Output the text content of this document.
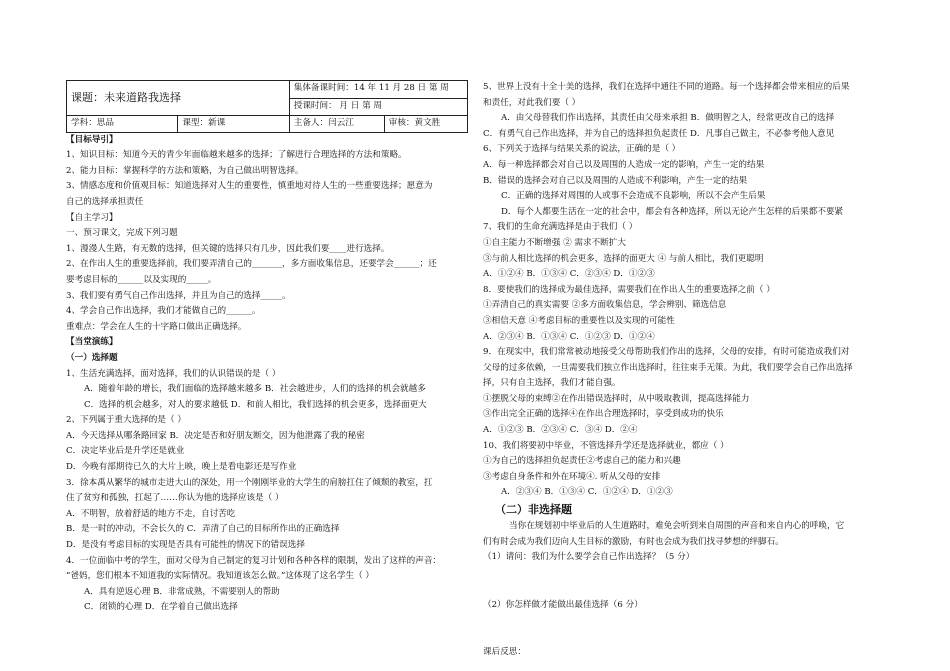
课题：未来道路我选择		集体备课时间：14 年 11 月 28 日 第 周	
		授课时间： 月 日 第 周	
学科：思品	课型：新课	主备人：闫云江	审核：黄文胜
【目标导引】
1、知识目标：知道今天的青少年面临越来越多的选择；了解进行合理选择的方法和策略。
2、能力目标：掌握科学的方法和策略，为自己做出明智选择。
3、情感态度和价值观目标：知道选择对人生的重要性，慎重地对待人生的一些重要选择；愿意为
自己的选择承担责任
【自主学习】
一、预习课文，完成下列习题
1、漫漫人生路，有无数的选择，但关键的选择只有几步，因此我们要____进行选择。
2、在作出人生的重要选择前，我们要弄清自己的_______，多方面收集信息，还要学会______；还
要考虑目标的______以及实现的_____。
3、我们要有勇气自己作出选择，并且为自己的选择_____。
4、学会自己作出选择，我们才能做自己的______。
重难点：学会在人生的十字路口做出正确选择。
【当堂演练】
（一）选择题
1、生活充满选择，面对选择，我们的认识错误的是（ ）
A．随着年龄的增长，我们面临的选择越来越多 B．社会越进步，人们的选择的机会就越多
C．选择的机会越多，对人的要求越低 D．和前人相比，我们选择的机会更多，选择面更大
2、下列属于重大选择的是（ ）
A．今天选择从哪条路回家 B．决定是否和好朋友断交，因为他泄露了我的秘密
C．决定毕业后是升学还是就业
D．今晚有部期待已久的大片上映，晚上是看电影还是写作业
3．徐本禹从繁华的城市走进大山的深处，用一个刚刚毕业的大学生的肩膀扛住了倾颓的教室，扛
住了贫穷和孤独，扛起了……你认为他的选择应该是（ ）
A．不明智，放着舒适的地方不走，自讨苦吃
B．是一时的冲动，不会长久的 C．弄清了自己的目标所作出的正确选择
D．是没有考虑目标的实现是否具有可能性的情况下的错误选择
4．一位面临中考的学生，面对父母为自己制定的复习计划和各种各样的限制，发出了这样的声音：
“爸妈，您们根本不知道我的实际情况。我知道该怎么做。”这体现了这名学生（ ）
A．具有逆返心理 B．非常成熟，不需要别人的帮助
C．闭锁的心理 D．在学着自己做出选择
5、世界上没有十全十美的选择，我们在选择中通往不同的道路。每一个选择都会带来相应的后果
和责任，对此我们要（ ）
A．由父母替我们作出选择，其责任由父母来承担 B．做明智之人，经常更改自己的选择
C．有勇气自己作出选择，并为自己的选择担负起责任 D．凡事自己做主，不必参考他人意见
6、下列关于选择与结果关系的说法，正确的是（ ）
A．每一种选择都会对自己以及周围的人造成一定的影响，产生一定的结果
B．错误的选择会对自己以及周围的人造成不利影响，产生一定的结果
C．正确的选择对周围的人或事不会造成不良影响，所以不会产生后果
D．每个人都要生活在一定的社会中，都会有各种选择，所以无论产生怎样的后果都不要紧
7、我们的生命充满选择是由于我们（ ）
①自主能力不断增强 ② 需求不断扩大
③与前人相比选择的机会更多，选择的面更大 ④ 与前人相比，我们更聪明
A．①②④ B．①③④ C．②③④ D．①②③
8．要使我们的选择成为最佳选择，需要我们在作出人生的重要选择之前（ ）
①弄清自己的真实需要 ②多方面收集信息，学会辨别、筛选信息
③相信天意 ④考虑目标的重要性以及实现的可能性
A．②③④ B．①③④ C．①②③ D．①②④
9．在现实中，我们常常被动地接受父母帮助我们作出的选择，父母的安排，有时可能造成我们对
父母的过多依赖，一旦需要我们独立作出选择时，往往束手无策。为此，我们要学会自己作出选择
择，只有自主选择，我们才能自强。
①摆脱父母的束缚②在作出错误选择时，从中吸取教训，提高选择能力
③作出完全正确的选择④在作出合理选择时，享受到成功的快乐
A．①②③ B．②③④ C．③④ D．②④
10、我们将要初中毕业，不管选择升学还是选择就业，都应（ ）
①为自己的选择担负起责任②考虑自己的能力和兴趣
③考虑自身条件和外在环境④. 听从父母的安排
A．②③④ B．①③④ C．①②④ D．①②③
（二）非选择题
当你在规划初中毕业后的人生道路时，难免会听到来自周围的声音和来自内心的呼唤，它
们有时会成为我们迈向人生目标的激励，有时也会成为我们找寻梦想的绊脚石。
（1）请问：我们为什么要学会自己作出选择？（5 分）
（2）你怎样做才能做出最佳选择（6 分）
课后反思：
